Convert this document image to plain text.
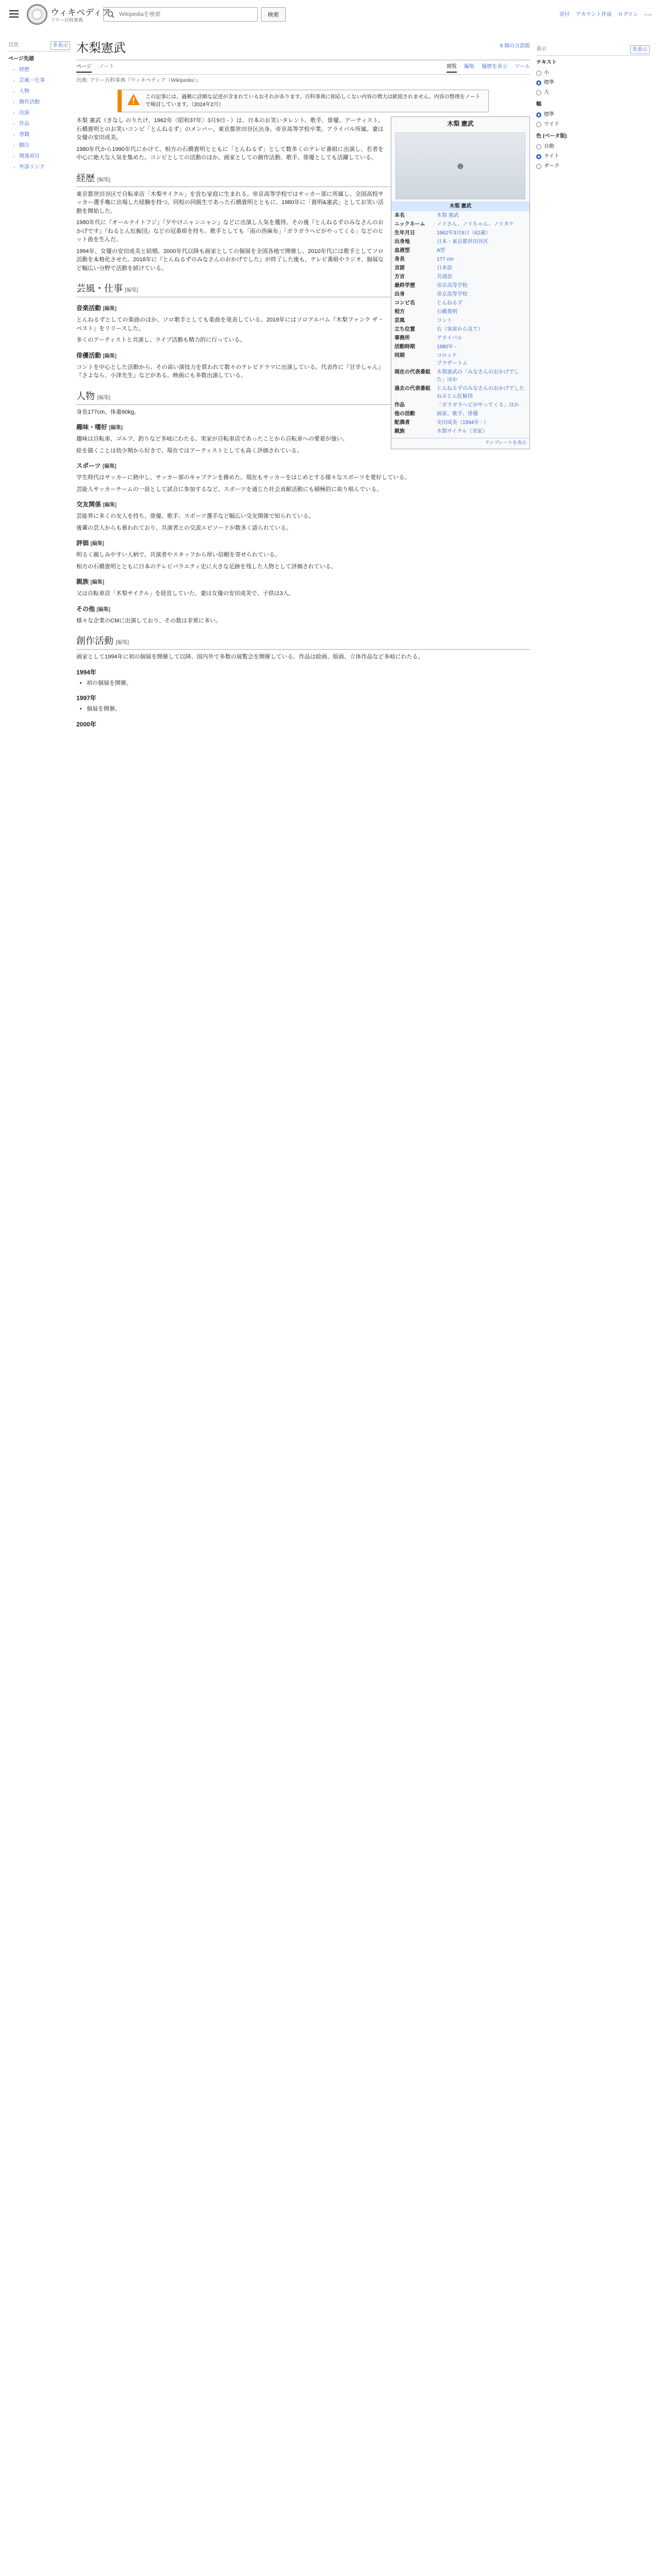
ウィキペディア
フリー百科事典
Wikipediaを検索
検索	寄付 アカウント作成 ログイン ⋯
目次	非表示
ページ先頭
› 経歴
› 芸風・仕事
› 人物
› 創作活動
› 出演
› 作品
› 書籍
› 脚注
› 関連項目
› 外部リンク
木梨憲武	9 個の言語版
ページ ノート	閲覧 編集 履歴を表示 ツール
出典: フリー百科事典『ウィキペディア（Wikipedia）』
この記事には、過剰に詳細な記述が含まれているおそれがあります。百科事典に相応しくない内容の増大は歓迎されません。内容の整理をノートで検討しています。（2024年2月）
木梨 憲武
☻
木梨 憲武
本名	木梨 憲武
ニックネーム	ノリさん、ノリちゃん、ノリタケ
生年月日	1962年3月9日（62歳）
出身地	日本・東京都世田谷区
血液型	A型
身長	177 cm
言語	日本語
方言	共通語
最終学歴	帝京高等学校
出身	帝京高等学校
コンビ名	とんねるず
相方	石橋貴明
芸風	コント
立ち位置	右（客席から見て）
事務所	アライバル
活動時期	1980年 -
同期	コロッケ
ブラザートム
現在の代表番組	木梨憲武の「みなさんのおかげでした」ほか
過去の代表番組	とんねるずのみなさんのおかげでした
ねるとん紅鯨団
作品	「ガラガラヘビがやってくる」ほか
他の活動	画家、歌手、俳優
配偶者	安田成美（1994年 - ）
親族	木梨サイクル（実家）
テンプレートを表示

木梨 憲武（きなし のりたけ、1962年〈昭和37年〉3月9日 - ）は、日本のお笑いタレント、歌手、俳優、アーティスト。石橋貴明とのお笑いコンビ「とんねるず」のメンバー。東京都世田谷区出身。帝京高等学校卒業。アライバル所属。妻は女優の安田成美。

1980年代から1990年代にかけて、相方の石橋貴明とともに「とんねるず」として数多くのテレビ番組に出演し、若者を中心に絶大な人気を集めた。コンビとしての活動のほか、画家としての創作活動、歌手、俳優としても活躍している。

経歴 [編集]

東京都世田谷区で自転車店「木梨サイクル」を営む家庭に生まれる。帝京高等学校ではサッカー部に所属し、全国高校サッカー選手権に出場した経験を持つ。同校の同級生であった石橋貴明とともに、1980年に「貴明&憲武」としてお笑い活動を開始した。

1980年代に『オールナイトフジ』『夕やけニャンニャン』などに出演し人気を獲得。その後『とんねるずのみなさんのおかげです』『ねるとん紅鯨団』などの冠番組を持ち、歌手としても「雨の西麻布」「ガラガラヘビがやってくる」などのヒット曲を生んだ。

1994年、女優の安田成美と結婚。2000年代以降も画家としての個展を全国各地で開催し、2010年代には歌手としてソロ活動を本格化させた。2018年に『とんねるずのみなさんのおかげでした』が終了した後も、テレビ番組やラジオ、個展など幅広い分野で活動を続けている。

芸風・仕事 [編集]
音楽活動 [編集]

とんねるずとしての楽曲のほか、ソロ歌手としても楽曲を発表している。2019年にはソロアルバム『木梨ファンク ザ・ベスト』をリリースした。

多くのアーティストと共演し、ライブ活動も精力的に行っている。

俳優活動 [編集]

コントを中心とした活動から、その高い演技力を買われて数々のテレビドラマに出演している。代表作に『甘辛しゃん』『さよなら、小津先生』などがある。映画にも多数出演している。

人物 [編集]

身長177cm。体重60kg。

趣味・嗜好 [編集]

趣味は自転車、ゴルフ、釣りなど多岐にわたる。実家が自転車店であったことから自転車への愛着が強い。

絵を描くことは幼少期から好きで、現在ではアーティストとしても高く評価されている。

スポーツ [編集]

学生時代はサッカーに熱中し、サッカー部のキャプテンを務めた。現在もサッカーをはじめとする様々なスポーツを愛好している。

芸能人サッカーチームの一員として試合に参加するなど、スポーツを通じた社会貢献活動にも積極的に取り組んでいる。

交友関係 [編集]

芸能界に多くの友人を持ち、俳優、歌手、スポーツ選手など幅広い交友関係で知られている。

後輩の芸人からも慕われており、共演者との交流エピソードが数多く語られている。

評価 [編集]

明るく親しみやすい人柄で、共演者やスタッフから厚い信頼を寄せられている。

相方の石橋貴明とともに日本のテレビバラエティ史に大きな足跡を残した人物として評価されている。

親族 [編集]

父は自転車店「木梨サイクル」を経営していた。妻は女優の安田成美で、子供は3人。

その他 [編集]

様々な企業のCMに出演しており、その数は非常に多い。

創作活動 [編集]

画家として1994年に初の個展を開催して以降、国内外で多数の展覧会を開催している。作品は絵画、版画、立体作品など多岐にわたる。

1994年
• 初の個展を開催。
1997年
• 個展を開催。
2000年
表示	非表示
テキスト
小
標準
大
幅
標準
ワイド
色 (ベータ版)
自動
ライト
ダーク
